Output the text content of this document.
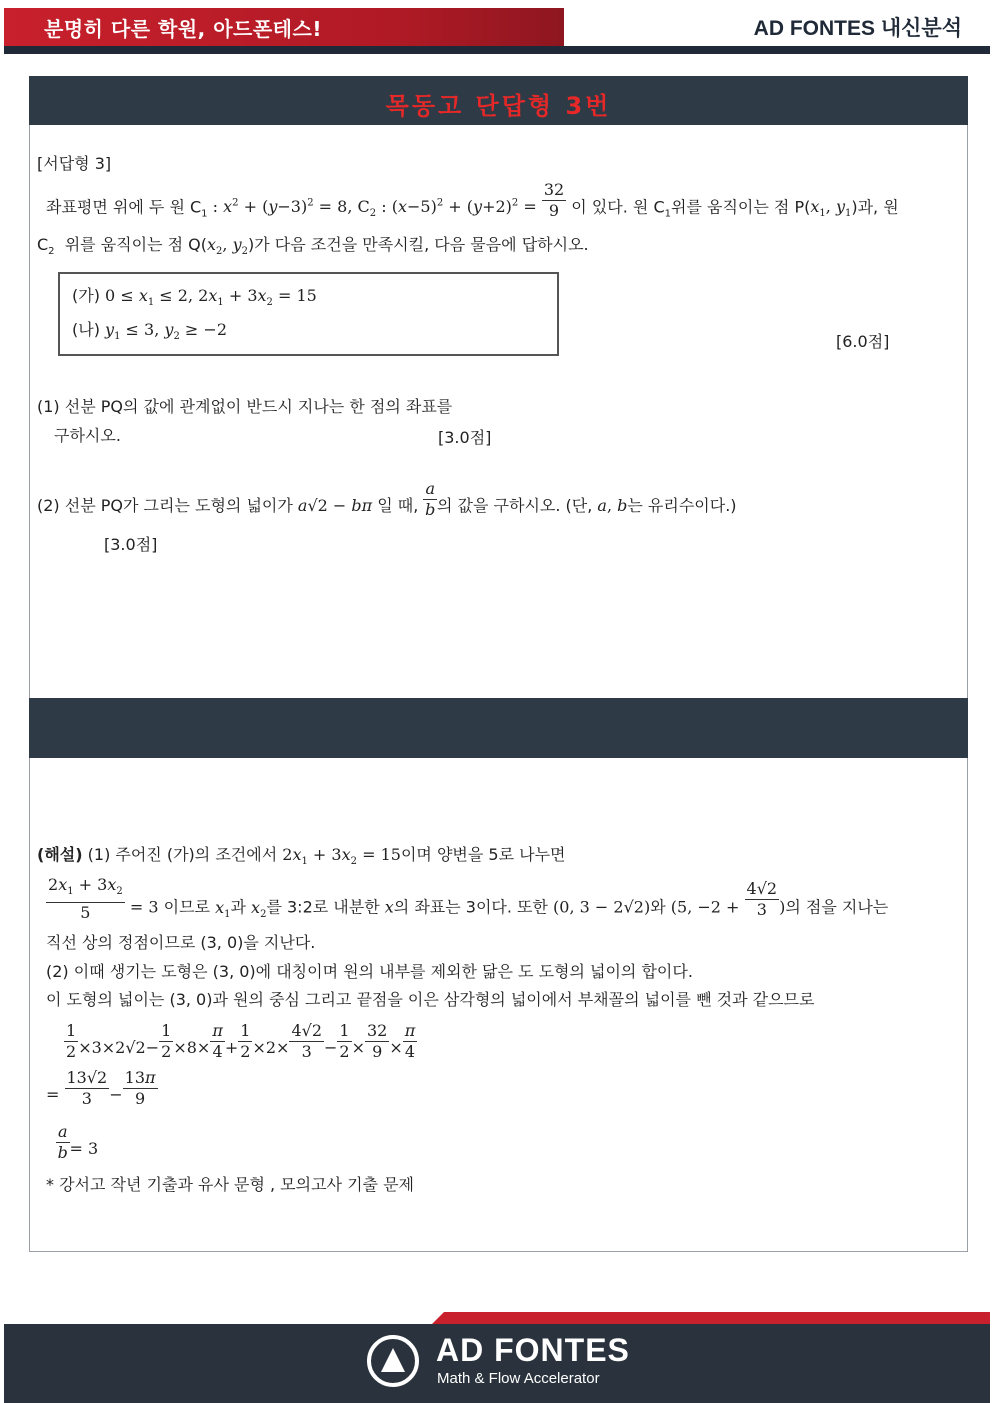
분명히 다른 학원, 아드폰테스!	AD FONTES 내신분석
목동고 단답형 3번
[서답형 3]
좌표평면 위에 두 원 $C_1$ : $x^2 + (y-3)^2 = 8$, $C_2$ : $(x-5)^2 + (y+2)^2 = \frac{32}{9}$ 이 있다. 원 $C_1$위를 움직이는 점 $P(x_1$, $y_1$)과, 원
$C_2$ 위를 움직이는 점 $Q(x_2$, $y_2$)가 다음 조건을 만족시킬, 다음 물음에 답하시오.
(가) $0 \le x_1 \le 2$, $2x_1 + 3x_2 = 15$
(나) $y_1 \le 3$, $y_2 \ge -2$
[6.0점]
(1) 선분 PQ의 값에 관계없이 반드시 지나는 한 점의 좌표를
구하시오.	[3.0점]
(2) 선분 PQ가 그리는 도형의 넓이가 a√2 − bπ 일 때, $\frac{a}{b}$ 의 값을 구하시오. (단, a, b는 유리수이다.)
[3.0점]
(해설) (1) 주어진 (가)의 조건에서 $2x_1 + 3x_2 = 15$이며 양변을 5로 나누면
$\frac{2x_1 + 3x_2}{5} = 3$ 이므로 $x_1$과 $x_2$를 3:2로 내분한 x의 좌표는 3이다. 또한 (0, 3 − 2√2)와 (5, $-2 + \frac{4√2}{3}$ )의 점을 지나는
직선 상의 정점이므로 (3, 0)을 지난다.
(2) 이때 생기는 도형은 (3, 0)에 대칭이며 원의 내부를 제외한 닮은 도 도형의 넓이의 합이다.
이 도형의 넓이는 (3, 0)과 원의 중심 그리고 끝점을 이은 삼각형의 넓이에서 부채꼴의 넓이를 뺀 것과 같으므로
$\frac{1}{2} \times 3\times 2√2- \frac{1}{2} \times 8\times \frac{\pi}{4} + \frac{1}{2} \times 2\times \frac{4√2}{3} - \frac{1}{2} \times \frac{32}{9} \times \frac{\pi}{4}$
= $\frac{13√2}{3} - \frac{13\pi}{9}$
$\frac{a}{b} = 3$
* 강서고 작년 기출과 유사 문형 , 모의고사 기출 문제
AD FONTES
Math & Flow Accelerator
